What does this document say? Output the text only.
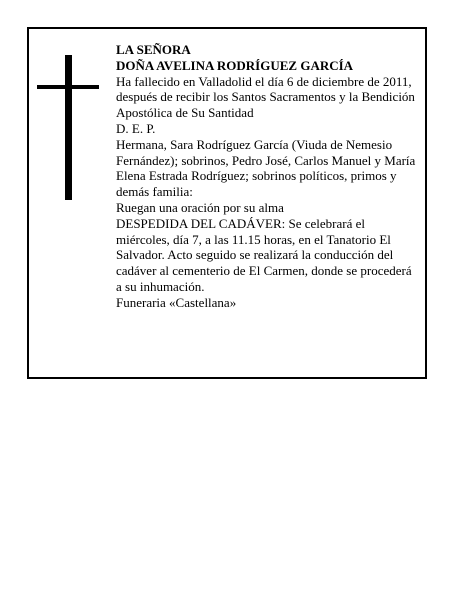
LA SEÑORA
DOÑA AVELINA RODRÍGUEZ GARCÍA
Ha fallecido en Valladolid el día 6 de diciembre de 2011, después de recibir los Santos Sacramentos y la Bendición Apostólica de Su Santidad
D. E. P.
Hermana, Sara Rodríguez García (Viuda de Nemesio Fernández); sobrinos, Pedro José, Carlos Manuel y María Elena Estrada Rodríguez; sobrinos políticos, primos y demás familia:
Ruegan una oración por su alma
DESPEDIDA DEL CADÁVER: Se celebrará el miércoles, día 7, a las 11.15 horas, en el Tanatorio El Salvador. Acto seguido se realizará la conducción del cadáver al cementerio de El Carmen, donde se procederá a su inhumación.
Funeraria «Castellana»
